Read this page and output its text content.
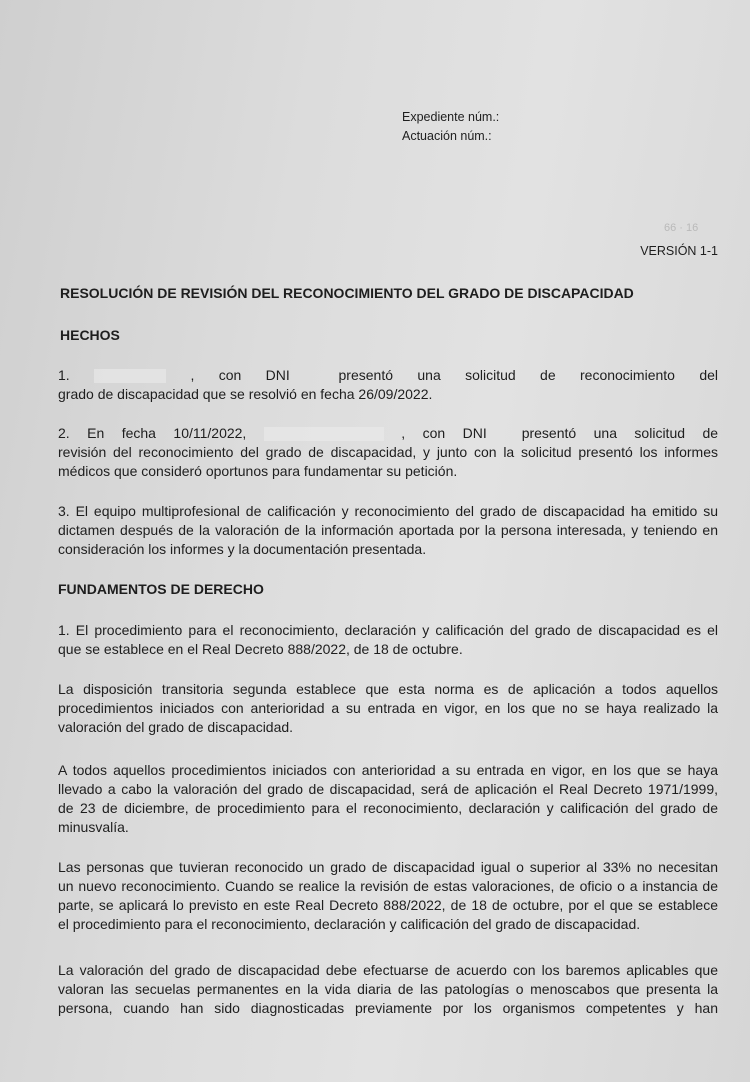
Expediente núm.:
Actuación núm.:
66 · 16
VERSIÓN 1-1
RESOLUCIÓN DE REVISIÓN DEL RECONOCIMIENTO DEL GRADO DE DISCAPACIDAD
HECHOS
FUNDAMENTOS DE DERECHO
1.	, con DNI	presentó una solicitud de reconocimiento del
grado de discapacidad que se resolvió en fecha 26/09/2022.
2. En fecha 10/11/2022,	, con DNI presentó una solicitud de
revisión del reconocimiento del grado de discapacidad, y junto con la solicitud presentó los informes
médicos que consideró oportunos para fundamentar su petición.
3. El equipo multiprofesional de calificación y reconocimiento del grado de discapacidad ha emitido su
dictamen después de la valoración de la información aportada por la persona interesada, y teniendo en
consideración los informes y la documentación presentada.
1. El procedimiento para el reconocimiento, declaración y calificación del grado de discapacidad es el
que se establece en el Real Decreto 888/2022, de 18 de octubre.
La disposición transitoria segunda establece que esta norma es de aplicación a todos aquellos
procedimientos iniciados con anterioridad a su entrada en vigor, en los que no se haya realizado la
valoración del grado de discapacidad.
A todos aquellos procedimientos iniciados con anterioridad a su entrada en vigor, en los que se haya
llevado a cabo la valoración del grado de discapacidad, será de aplicación el Real Decreto 1971/1999,
de 23 de diciembre, de procedimiento para el reconocimiento, declaración y calificación del grado de
minusvalía.
Las personas que tuvieran reconocido un grado de discapacidad igual o superior al 33% no necesitan
un nuevo reconocimiento. Cuando se realice la revisión de estas valoraciones, de oficio o a instancia de
parte, se aplicará lo previsto en este Real Decreto 888/2022, de 18 de octubre, por el que se establece
el procedimiento para el reconocimiento, declaración y calificación del grado de discapacidad.
La valoración del grado de discapacidad debe efectuarse de acuerdo con los baremos aplicables que
valoran las secuelas permanentes en la vida diaria de las patologías o menoscabos que presenta la
persona, cuando han sido diagnosticadas previamente por los organismos competentes y han
